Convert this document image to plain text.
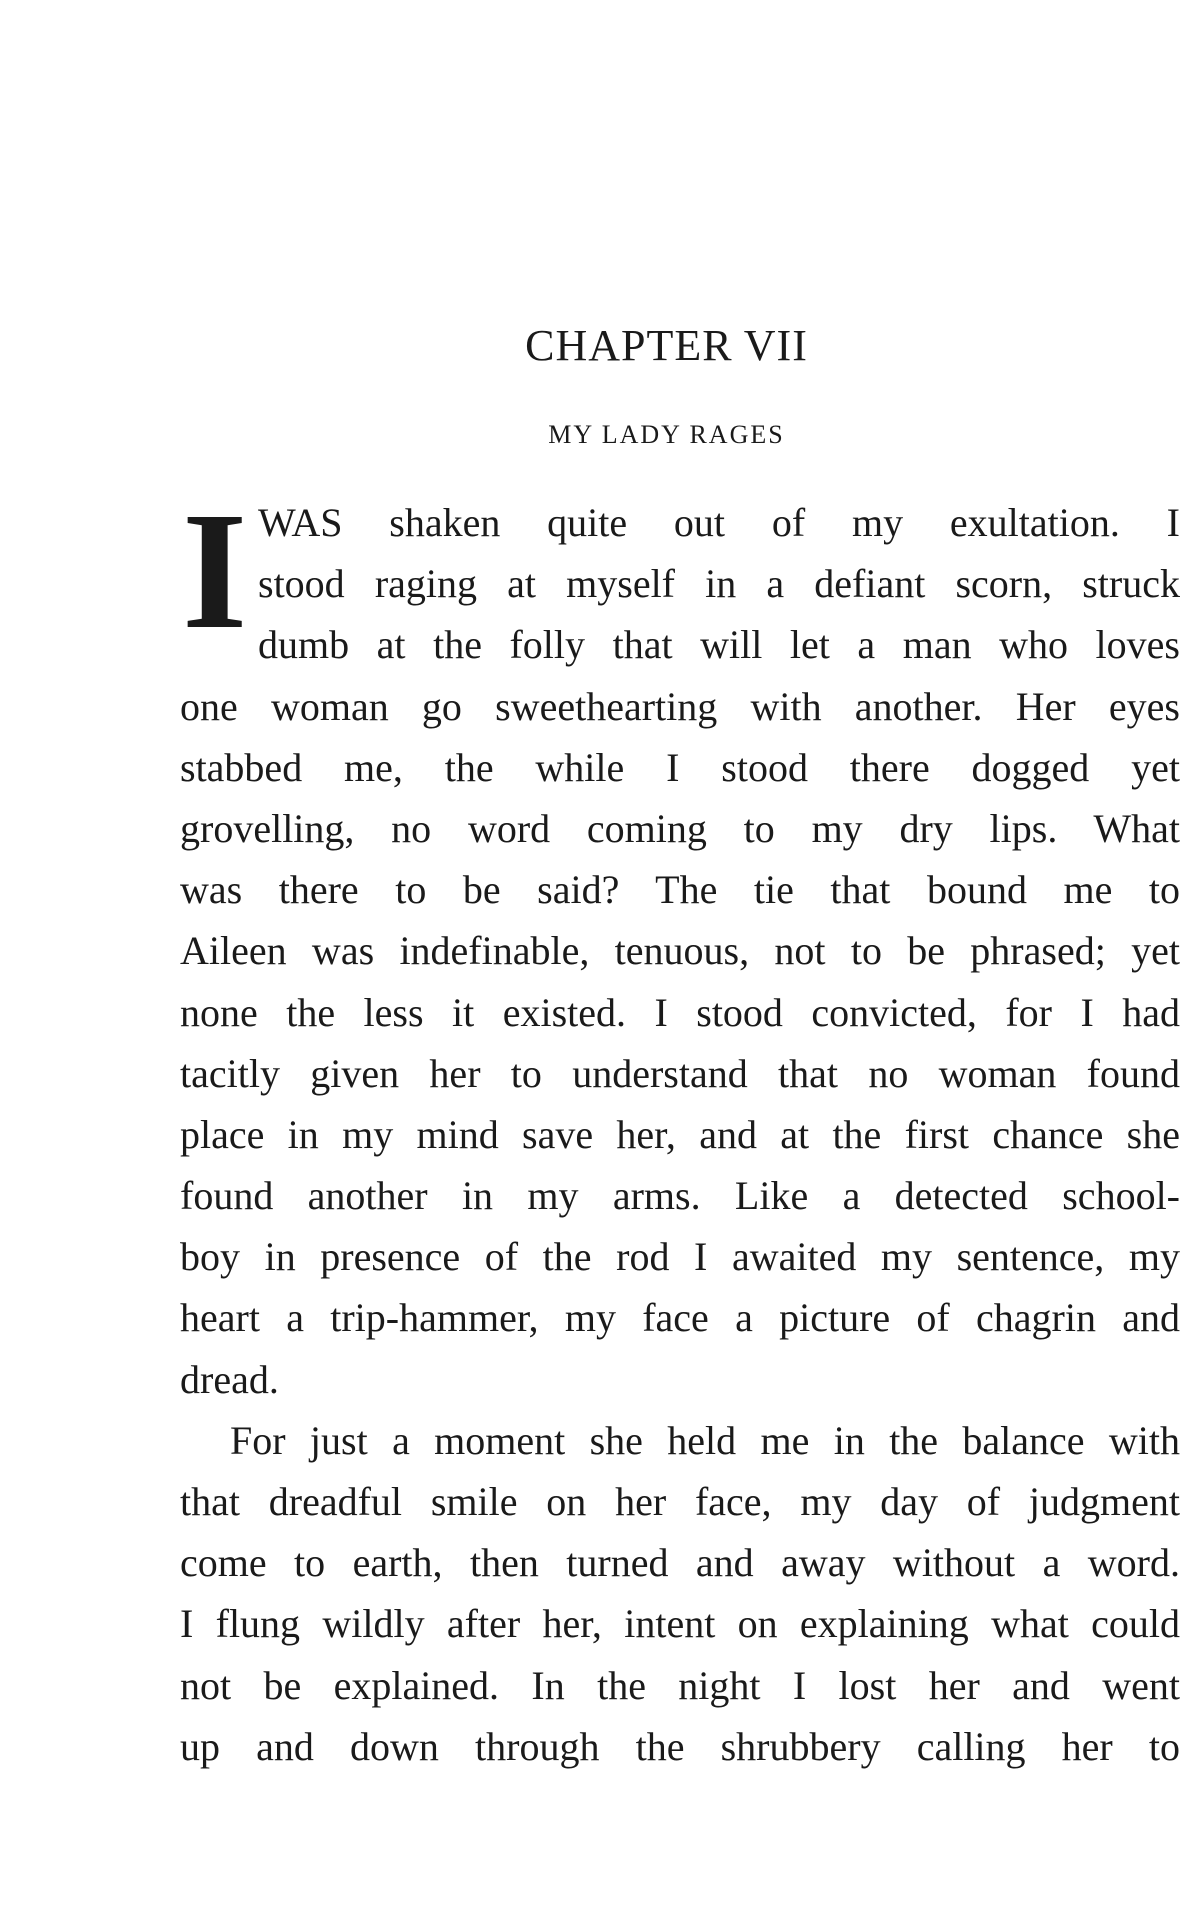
CHAPTER VII
MY LADY RAGES
I WAS shaken quite out of my exultation. I
stood raging at myself in a defiant scorn, struck
dumb at the folly that will let a man who loves
one woman go sweethearting with another. Her eyes
stabbed me, the while I stood there dogged yet
grovelling, no word coming to my dry lips. What
was there to be said? The tie that bound me to
Aileen was indefinable, tenuous, not to be phrased; yet
none the less it existed. I stood convicted, for I had
tacitly given her to understand that no woman found
place in my mind save her, and at the first chance she
found another in my arms. Like a detected school-
boy in presence of the rod I awaited my sentence, my
heart a trip-hammer, my face a picture of chagrin and
dread.
For just a moment she held me in the balance with
that dreadful smile on her face, my day of judgment
come to earth, then turned and away without a word.
I flung wildly after her, intent on explaining what could
not be explained. In the night I lost her and went
up and down through the shrubbery calling her to
